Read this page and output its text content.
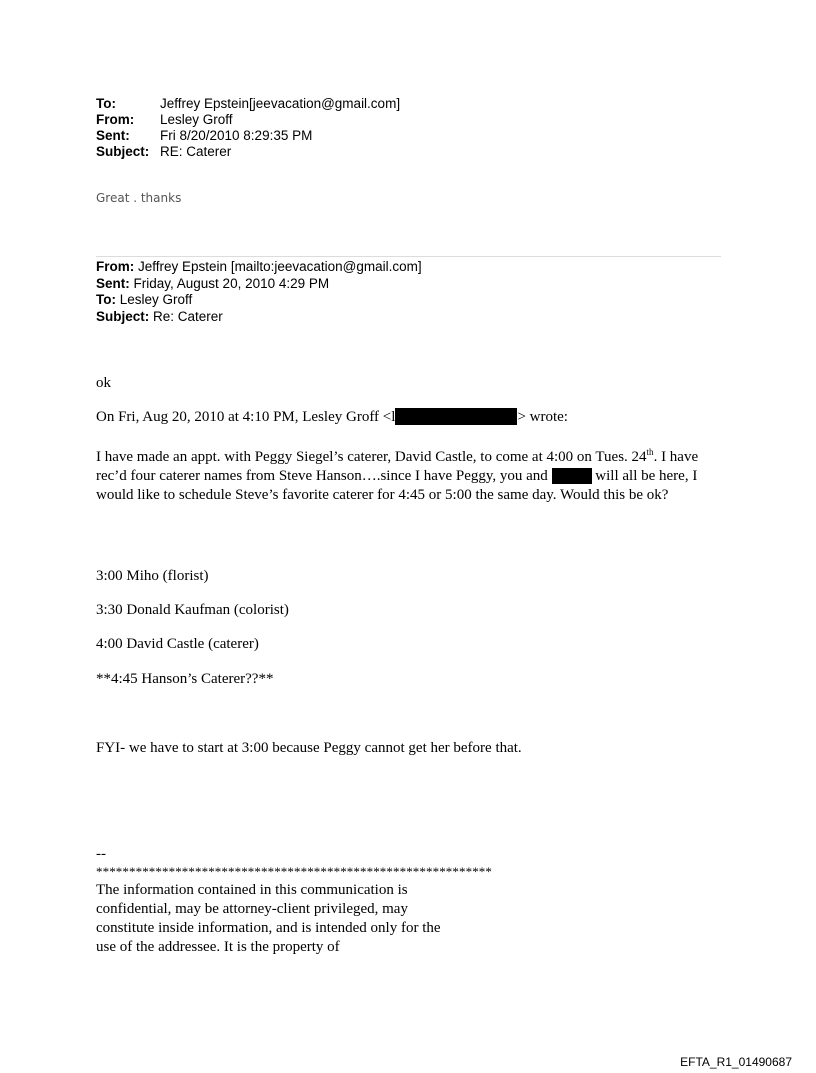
To:	Jeffrey Epstein[jeevacation@gmail.com]
From:	Lesley Groff
Sent:	Fri 8/20/2010 8:29:35 PM
Subject: RE: Caterer
Great . thanks
From: Jeffrey Epstein [mailto:jeevacation@gmail.com]
Sent: Friday, August 20, 2010 4:29 PM
To: Lesley Groff
Subject: Re: Caterer
ok
On Fri, Aug 20, 2010 at 4:10 PM, Lesley Groff <l	> wrote:
I have made an appt. with Peggy Siegel’s caterer, David Castle, to come at 4:00 on Tues. 24th. I have rec’d four caterer names from Steve Hanson….since I have Peggy, you and	will all be here, I would like to schedule Steve’s favorite caterer for 4:45 or 5:00 the same day. Would this be ok?
3:00 Miho (florist)
3:30 Donald Kaufman (colorist)
4:00 David Castle (caterer)
**4:45 Hanson’s Caterer??**
FYI- we have to start at 3:00 because Peggy cannot get her before that.
--
************************************************************
The information contained in this communication is confidential, may be attorney-client privileged, may constitute inside information, and is intended only for the use of the addressee. It is the property of
EFTA_R1_01490687
